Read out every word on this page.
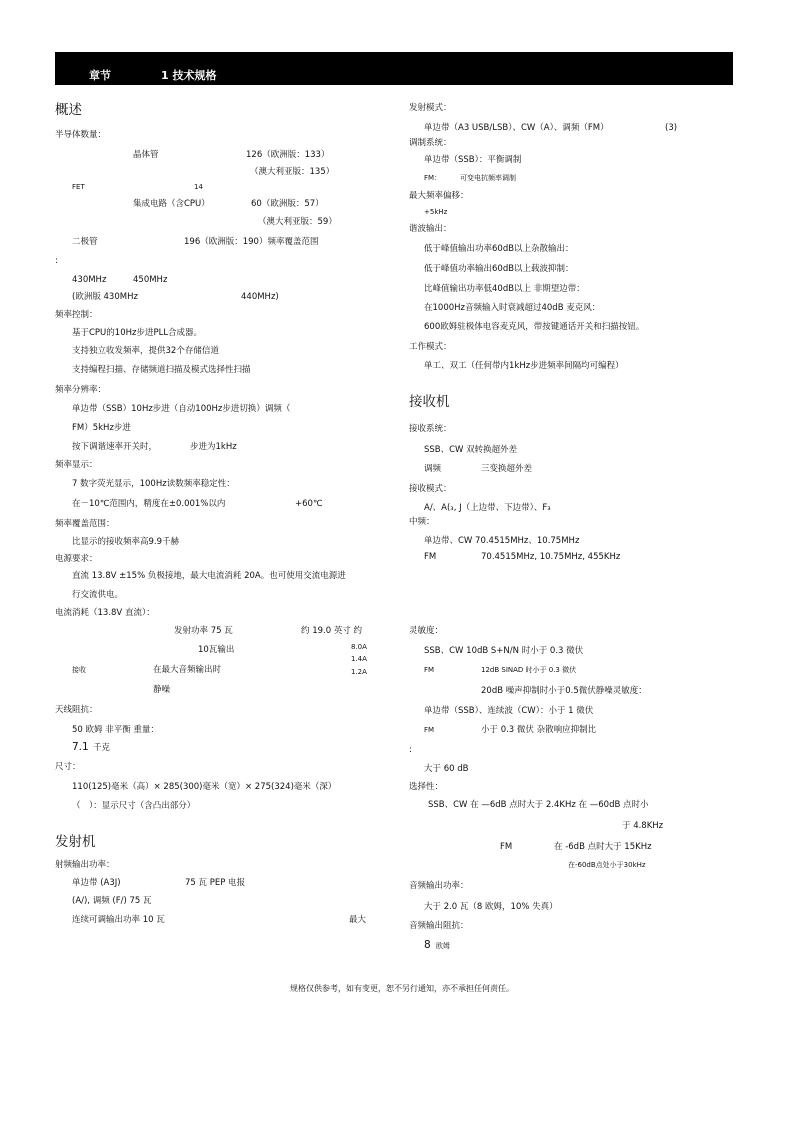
章节	1 技术规格
概述
半导体数量：
晶体管	126（欧洲版：133）
（澳大利亚版：135）
FET	14
集成电路（含CPU）	60（欧洲版：57）
（澳大利亚版：59）
二极管	196（欧洲版：190）频率覆盖范围
:
430MHz	450MHz
(欧洲版 430MHz	440MHz)
频率控制：
基于CPU的10Hz步进PLL合成器。
支持独立收发频率，提供32个存储信道
支持编程扫描、存储频道扫描及模式选择性扫描
频率分辨率：
单边带（SSB）10Hz步进（自动100Hz步进切换）调频（
FM）5kHz步进
按下调谐速率开关时，	步进为1kHz
频率显示：
7 数字荧光显示，100Hz读数频率稳定性：
在－10℃范围内，精度在±0.001%以内	+60℃
频率覆盖范围：
比显示的接收频率高9.9千赫
电源要求：
直流 13.8V ±15% 负极接地，最大电流消耗 20A。也可使用交流电源进
行交流供电。
电流消耗（13.8V 直流）：
发射功率 75 瓦	约 19.0 英寸 约
10瓦输出	8.0A
1.4A
接收	在最大音频输出时	1.2A
静噪
天线阻抗：
50 欧姆 非平衡 重量：
7.1 千克
尺寸：
110(125)毫米（高）× 285(300)毫米（宽）× 275(324)毫米（深）
（　）：显示尺寸（含凸出部分）
发射机
射频输出功率：
单边带 (A3J)	75 瓦 PEP 电报
(A/), 调频 (F/) 75 瓦
连续可调输出功率 10 瓦	最大
发射模式：
单边带（A3 USB/LSB）、CW（A）、调频（FM）	(3)
调制系统：
单边带（SSB）：平衡调制
FM：	可变电抗频率调制
最大频率偏移：
+5kHz
谐波输出：
低于峰值输出功率60dB以上杂散输出：
低于峰值功率输出60dB以上载波抑制：
比峰值输出功率低40dB以上 非期望边带：
在1000Hz音频输入时衰减超过40dB 麦克风：
600欧姆驻极体电容麦克风，带按键通话开关和扫描按钮。
工作模式：
单工、双工（任何带内1kHz步进频率间隔均可编程）
接收机
接收系统：
SSB、CW 双转换超外差
调频	三变换超外差
接收模式：
A/、A(₃, J（上边带、下边带）、F₃
中频：
单边带、CW 70.4515MHz、10.75MHz
FM	70.4515MHz, 10.75MHz, 455KHz
灵敏度：
SSB、CW 10dB S+N/N 时小于 0.3 微伏
FM	12dB SINAD 时小于 0.3 微伏
20dB 噪声抑制时小于0.5微伏静噪灵敏度：
单边带（SSB）、连续波（CW）：小于 1 微伏
FM	小于 0.3 微伏 杂散响应抑制比
:
大于 60 dB
选择性：
SSB、CW 在 —6dB 点时大于 2.4KHz 在 —60dB 点时小
于 4.8KHz
FM	在 -6dB 点时大于 15KHz
在-60dB点处小于30kHz
音频输出功率：
大于 2.0 瓦（8 欧姆，10% 失真）
音频输出阻抗：
8 欧姆
规格仅供参考，如有变更，恕不另行通知，亦不承担任何责任。
